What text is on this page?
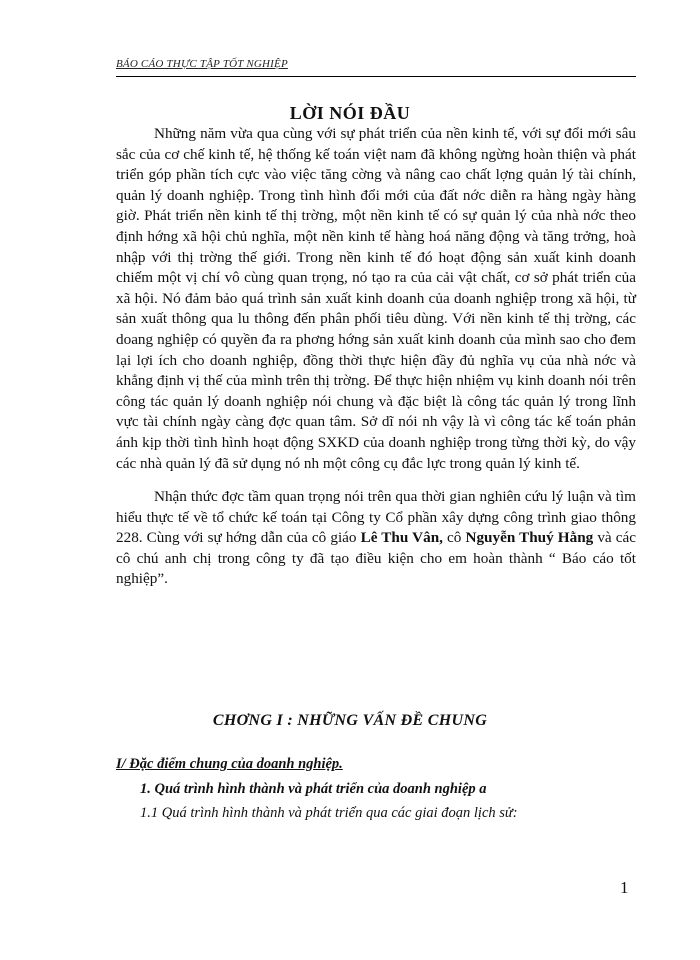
BÁO CÁO THỰC TẬP TỐT NGHIỆP
LỜI NÓI ĐẦU

Những năm vừa qua cùng với sự phát triển của nền kinh tế, với sự đổi mới sâu sắc của cơ chế kinh tế, hệ thống kế toán việt nam đã không ngừng hoàn thiện và phát triển góp phần tích cực vào việc tăng cờng và nâng cao chất lợng quản lý tài chính, quản lý doanh nghiệp. Trong tình hình đổi mới của đất nớc diễn ra hàng ngày hàng giờ. Phát triển nền kinh tế thị trờng, một nền kinh tế có sự quản lý của nhà nớc theo định hớng xã hội chủ nghĩa, một nền kinh tế hàng hoá năng động và tăng trởng, hoà nhập với thị trờng thế giới. Trong nền kinh tế đó hoạt động sản xuất kinh doanh chiếm một vị chí vô cùng quan trọng, nó tạo ra của cải vật chất, cơ sở phát triển của xã hội. Nó đảm bảo quá trình sản xuất kinh doanh của doanh nghiệp trong xã hội, từ sản xuất thông qua lu thông đến phân phối tiêu dùng. Với nền kinh tế thị trờng, các doang nghiệp có quyền đa ra phơng hớng sản xuất kinh doanh của mình sao cho đem lại lợi ích cho doanh nghiệp, đồng thời thực hiện đầy đủ nghĩa vụ của nhà nớc và khẳng định vị thế của mình trên thị trờng. Để thực hiện nhiệm vụ kinh doanh nói trên công tác quản lý doanh nghiệp nói chung và đặc biệt là công tác quản lý trong lĩnh vực tài chính ngày càng đợc quan tâm. Sở dĩ nói nh vậy là vì công tác kế toán phản ánh kịp thời tình hình hoạt động SXKD của doanh nghiệp trong từng thời kỳ, do vậy các nhà quản lý đã sử dụng nó nh một công cụ đắc lực trong quản lý kinh tế.

Nhận thức đợc tầm quan trọng nói trên qua thời gian nghiên cứu lý luận và tìm hiểu thực tế về tổ chức kế toán tại Công ty Cổ phần xây dựng công trình giao thông 228. Cùng với sự hớng dẫn của cô giáo Lê Thu Vân, cô Nguyễn Thuý Hằng và các cô chú anh chị trong công ty đã tạo điều kiện cho em hoàn thành “ Báo cáo tốt nghiệp”.

CHƠNG I : NHỮNG VẤN ĐỀ CHUNG
I/ Đặc điểm chung của doanh nghiệp.
1. Quá trình hình thành và phát triển của doanh nghiệp a
1.1 Quá trình hình thành và phát triển qua các giai đoạn lịch sử:
1
